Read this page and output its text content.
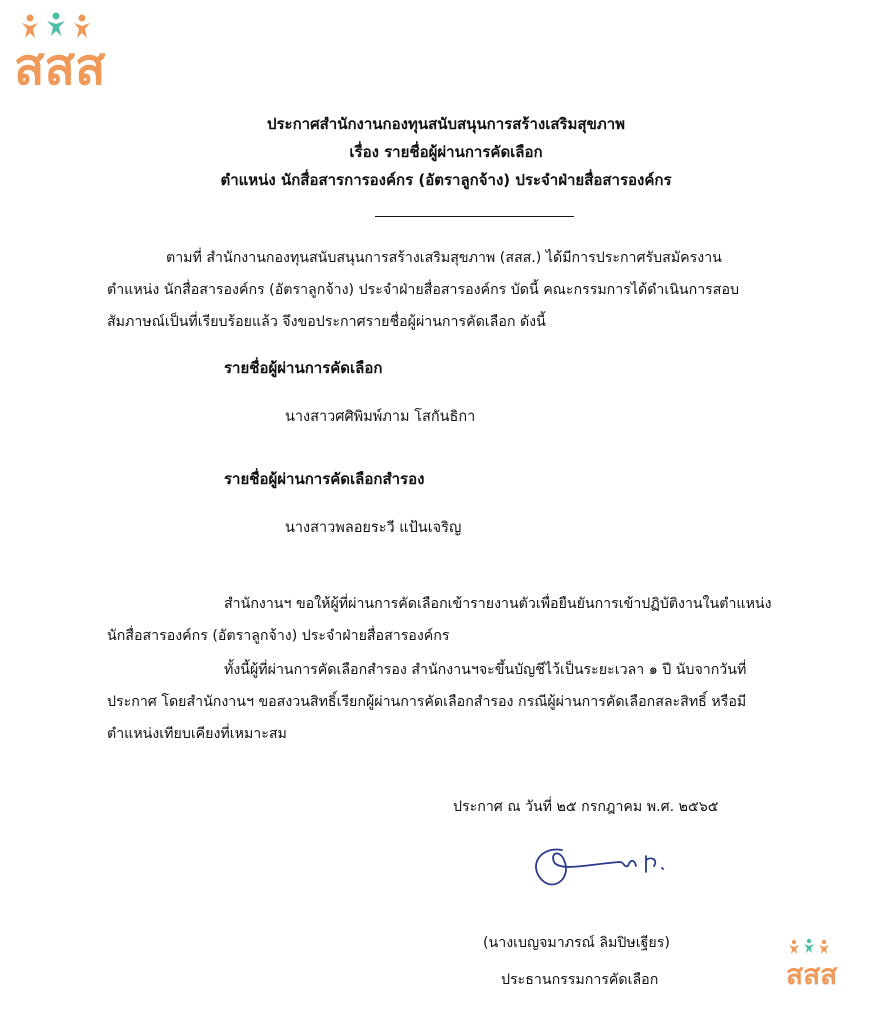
สสส
ประกาศสำนักงานกองทุนสนับสนุนการสร้างเสริมสุขภาพ
เรื่อง รายชื่อผู้ผ่านการคัดเลือก
ตำแหน่ง นักสื่อสารการองค์กร (อัตราลูกจ้าง) ประจำฝ่ายสื่อสารองค์กร
ตามที่ สำนักงานกองทุนสนับสนุนการสร้างเสริมสุขภาพ (สสส.) ได้มีการประกาศรับสมัครงาน
ตำแหน่ง นักสื่อสารองค์กร (อัตราลูกจ้าง) ประจำฝ่ายสื่อสารองค์กร บัดนี้ คณะกรรมการได้ดำเนินการสอบ
สัมภาษณ์เป็นที่เรียบร้อยแล้ว จึงขอประกาศรายชื่อผู้ผ่านการคัดเลือก ดังนี้
รายชื่อผู้ผ่านการคัดเลือก
นางสาวศศิพิมพ์ภาม โสกันธิกา
รายชื่อผู้ผ่านการคัดเลือกสำรอง
นางสาวพลอยระวี แป้นเจริญ
สำนักงานฯ ขอให้ผู้ที่ผ่านการคัดเลือกเข้ารายงานตัวเพื่อยืนยันการเข้าปฏิบัติงานในตำแหน่ง
นักสื่อสารองค์กร (อัตราลูกจ้าง) ประจำฝ่ายสื่อสารองค์กร
ทั้งนี้ผู้ที่ผ่านการคัดเลือกสำรอง สำนักงานฯจะขึ้นบัญชีไว้เป็นระยะเวลา ๑ ปี นับจากวันที่
ประกาศ โดยสำนักงานฯ ขอสงวนสิทธิ์เรียกผู้ผ่านการคัดเลือกสำรอง กรณีผู้ผ่านการคัดเลือกสละสิทธิ์ หรือมี
ตำแหน่งเทียบเคียงที่เหมาะสม
ประกาศ ณ วันที่ ๒๕ กรกฎาคม พ.ศ. ๒๕๖๕
(นางเบญจมาภรณ์ ลิมปิษเฐียร)
ประธานกรรมการคัดเลือก	สสส
